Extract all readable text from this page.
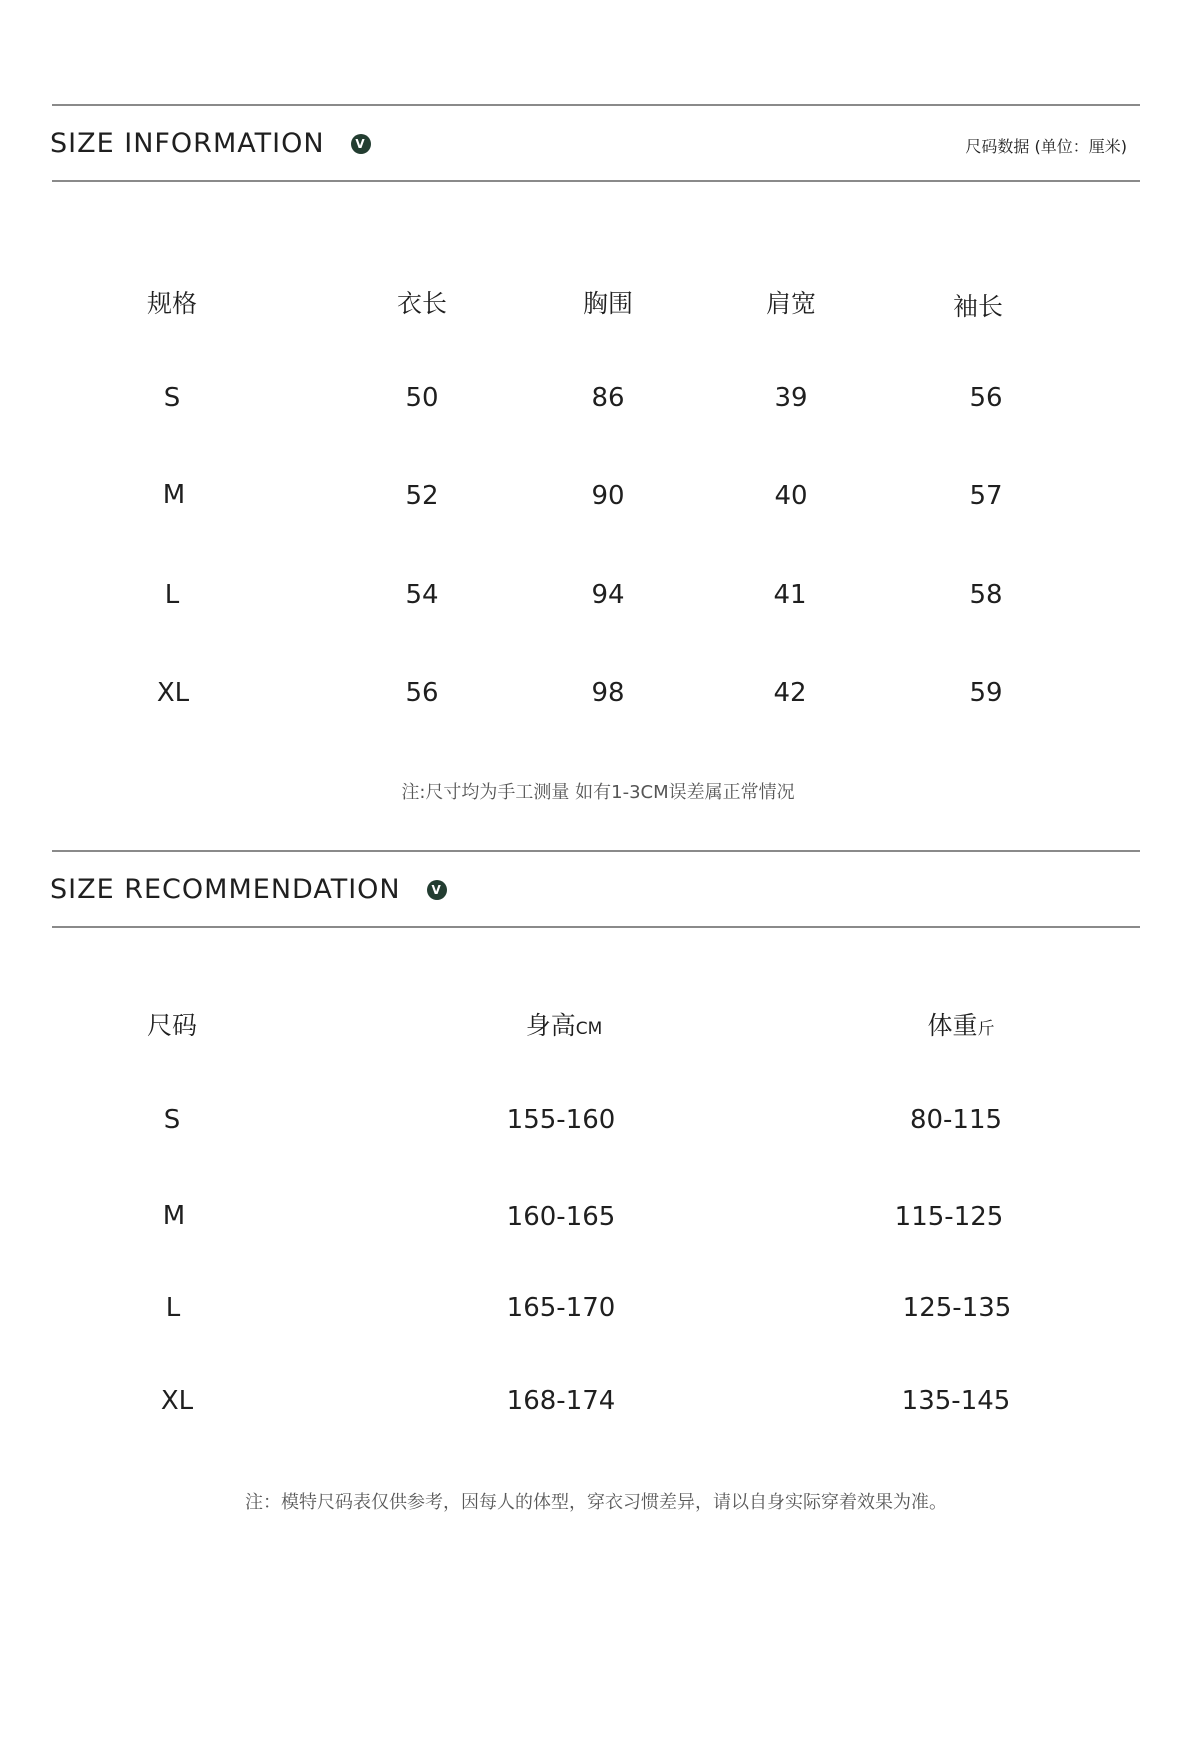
SIZE INFORMATION	V	尺码数据 (单位：厘米)
规格	衣长	胸围	肩宽	袖长
S	50	86	39	56
M	52	90	40	57
L	54	94	41	58
XL	56	98	42	59
注:尺寸均为手工测量 如有1-3CM误差属正常情况
SIZE RECOMMENDATION	V
尺码	身高CM	体重斤
S	155-160	80-115
M	160-165	115-125
L	165-170	125-135
XL	168-174	135-145
注：模特尺码表仅供参考，因每人的体型，穿衣习惯差异，请以自身实际穿着效果为准。
